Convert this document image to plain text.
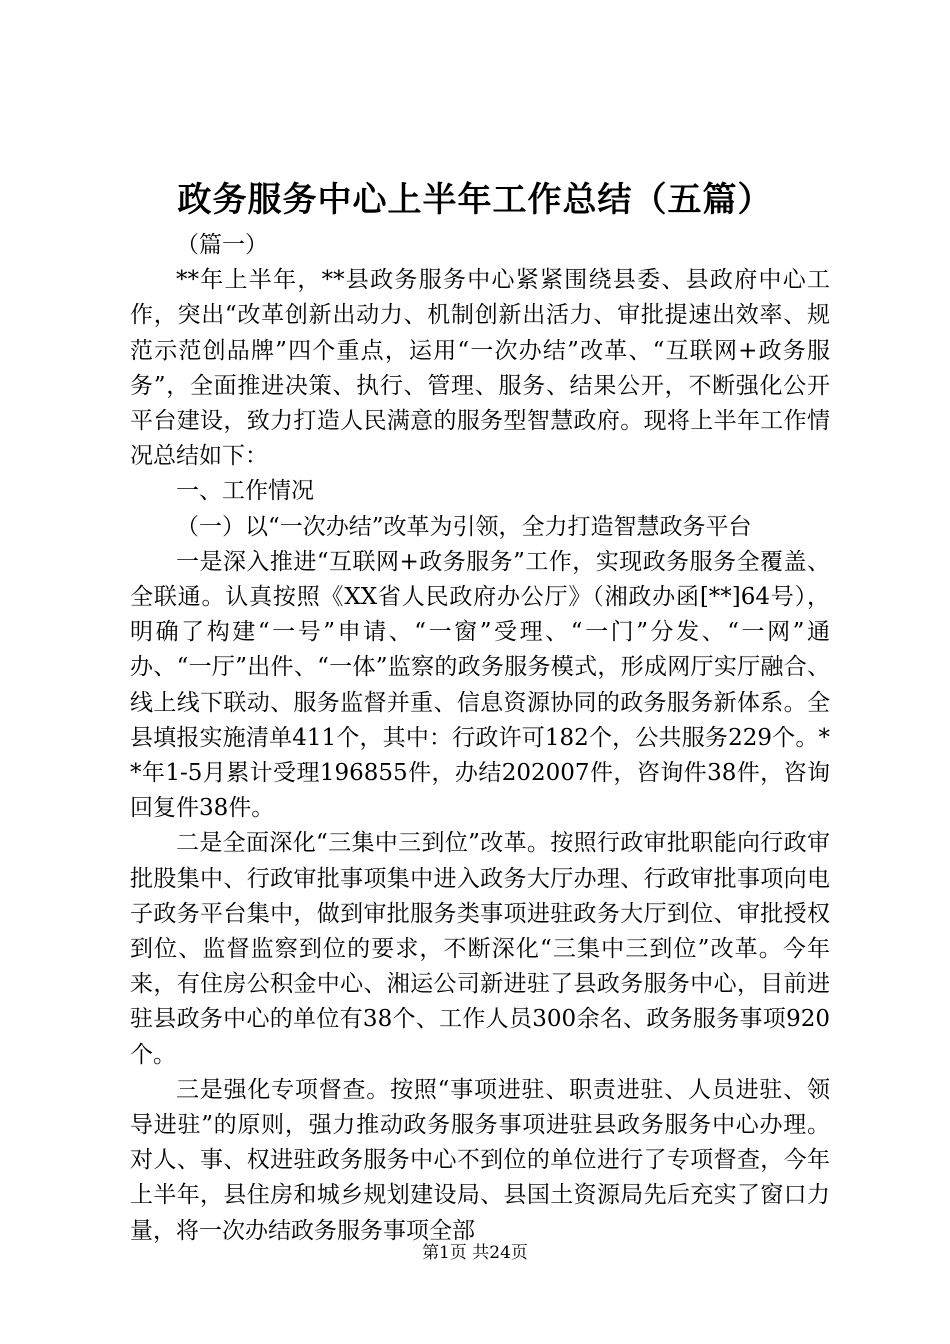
政务服务中心上半年工作总结（五篇）

（篇一）

**年上半年，**县政务服务中心紧紧围绕县委、县政府中心工作，突出“改革创新出动力、机制创新出活力、审批提速出效率、规范示范创品牌”四个重点，运用“一次办结”改革、“互联网+政务服务”，全面推进决策、执行、管理、服务、结果公开，不断强化公开平台建设，致力打造人民满意的服务型智慧政府。现将上半年工作情况总结如下：

一、工作情况

（一）以“一次办结”改革为引领，全力打造智慧政务平台

一是深入推进“互联网+政务服务”工作，实现政务服务全覆盖、全联通。认真按照《XX省人民政府办公厅》（湘政办函[**]64号），明确了构建“一号”申请、“一窗”受理、“一门”分发、“一网”通办、“一厅”出件、“一体”监察的政务服务模式，形成网厅实厅融合、线上线下联动、服务监督并重、信息资源协同的政务服务新体系。全县填报实施清单411个，其中：行政许可182个，公共服务229个。**年1-5月累计受理196855件，办结202007件，咨询件38件，咨询回复件38件。

二是全面深化“三集中三到位”改革。按照行政审批职能向行政审批股集中、行政审批事项集中进入政务大厅办理、行政审批事项向电子政务平台集中，做到审批服务类事项进驻政务大厅到位、审批授权到位、监督监察到位的要求，不断深化“三集中三到位”改革。今年来，有住房公积金中心、湘运公司新进驻了县政务服务中心，目前进驻县政务中心的单位有38个、工作人员300余名、政务服务事项920个。

三是强化专项督查。按照“事项进驻、职责进驻、人员进驻、领导进驻”的原则，强力推动政务服务事项进驻县政务服务中心办理。对人、事、权进驻政务服务中心不到位的单位进行了专项督查，今年上半年，县住房和城乡规划建设局、县国土资源局先后充实了窗口力量，将一次办结政务服务事项全部

第1页 共24页
